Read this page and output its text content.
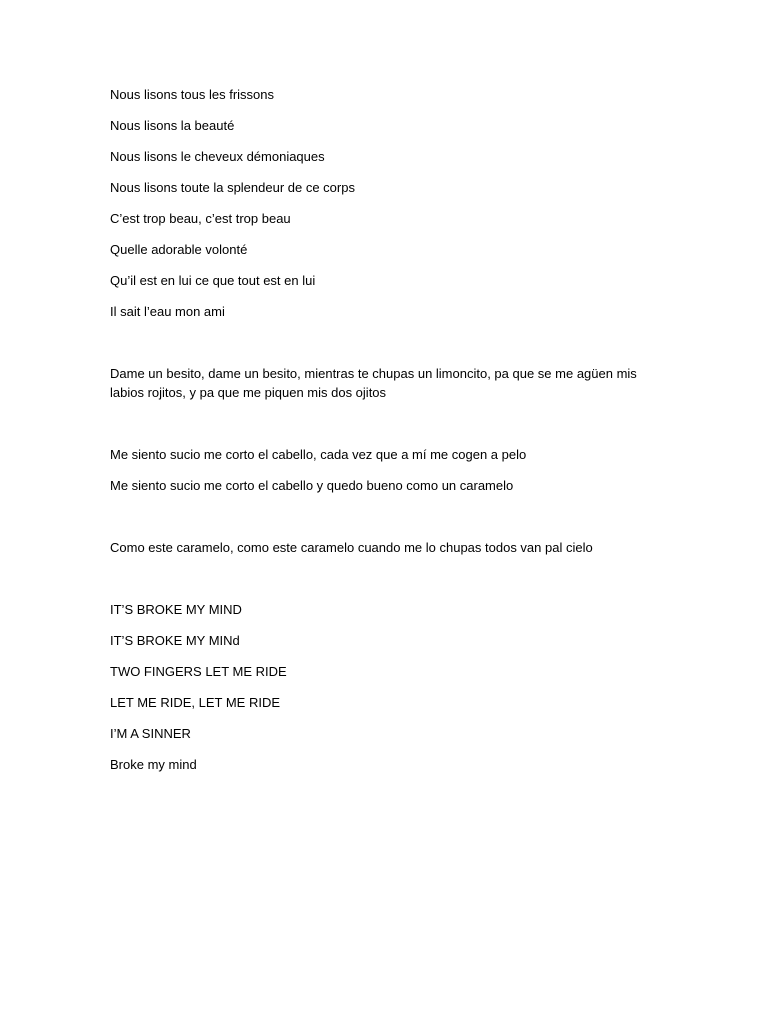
Nous lisons tous les frissons

Nous lisons la beauté

Nous lisons le cheveux démoniaques

Nous lisons toute la splendeur de ce corps

C’est trop beau, c’est trop beau

Quelle adorable volonté

Qu’il est en lui ce que tout est en lui

Il sait l’eau mon ami

Dame un besito, dame un besito, mientras te chupas un limoncito, pa que se me agüen mis labios rojitos, y pa que me piquen mis dos ojitos

Me siento sucio me corto el cabello, cada vez que a mí me cogen a pelo

Me siento sucio me corto el cabello y quedo bueno como un caramelo

Como este caramelo, como este caramelo cuando me lo chupas todos van pal cielo

IT’S BROKE MY MIND

IT’S BROKE MY MINd

TWO FINGERS LET ME RIDE

LET ME RIDE, LET ME RIDE

I’M A SINNER

Broke my mind
